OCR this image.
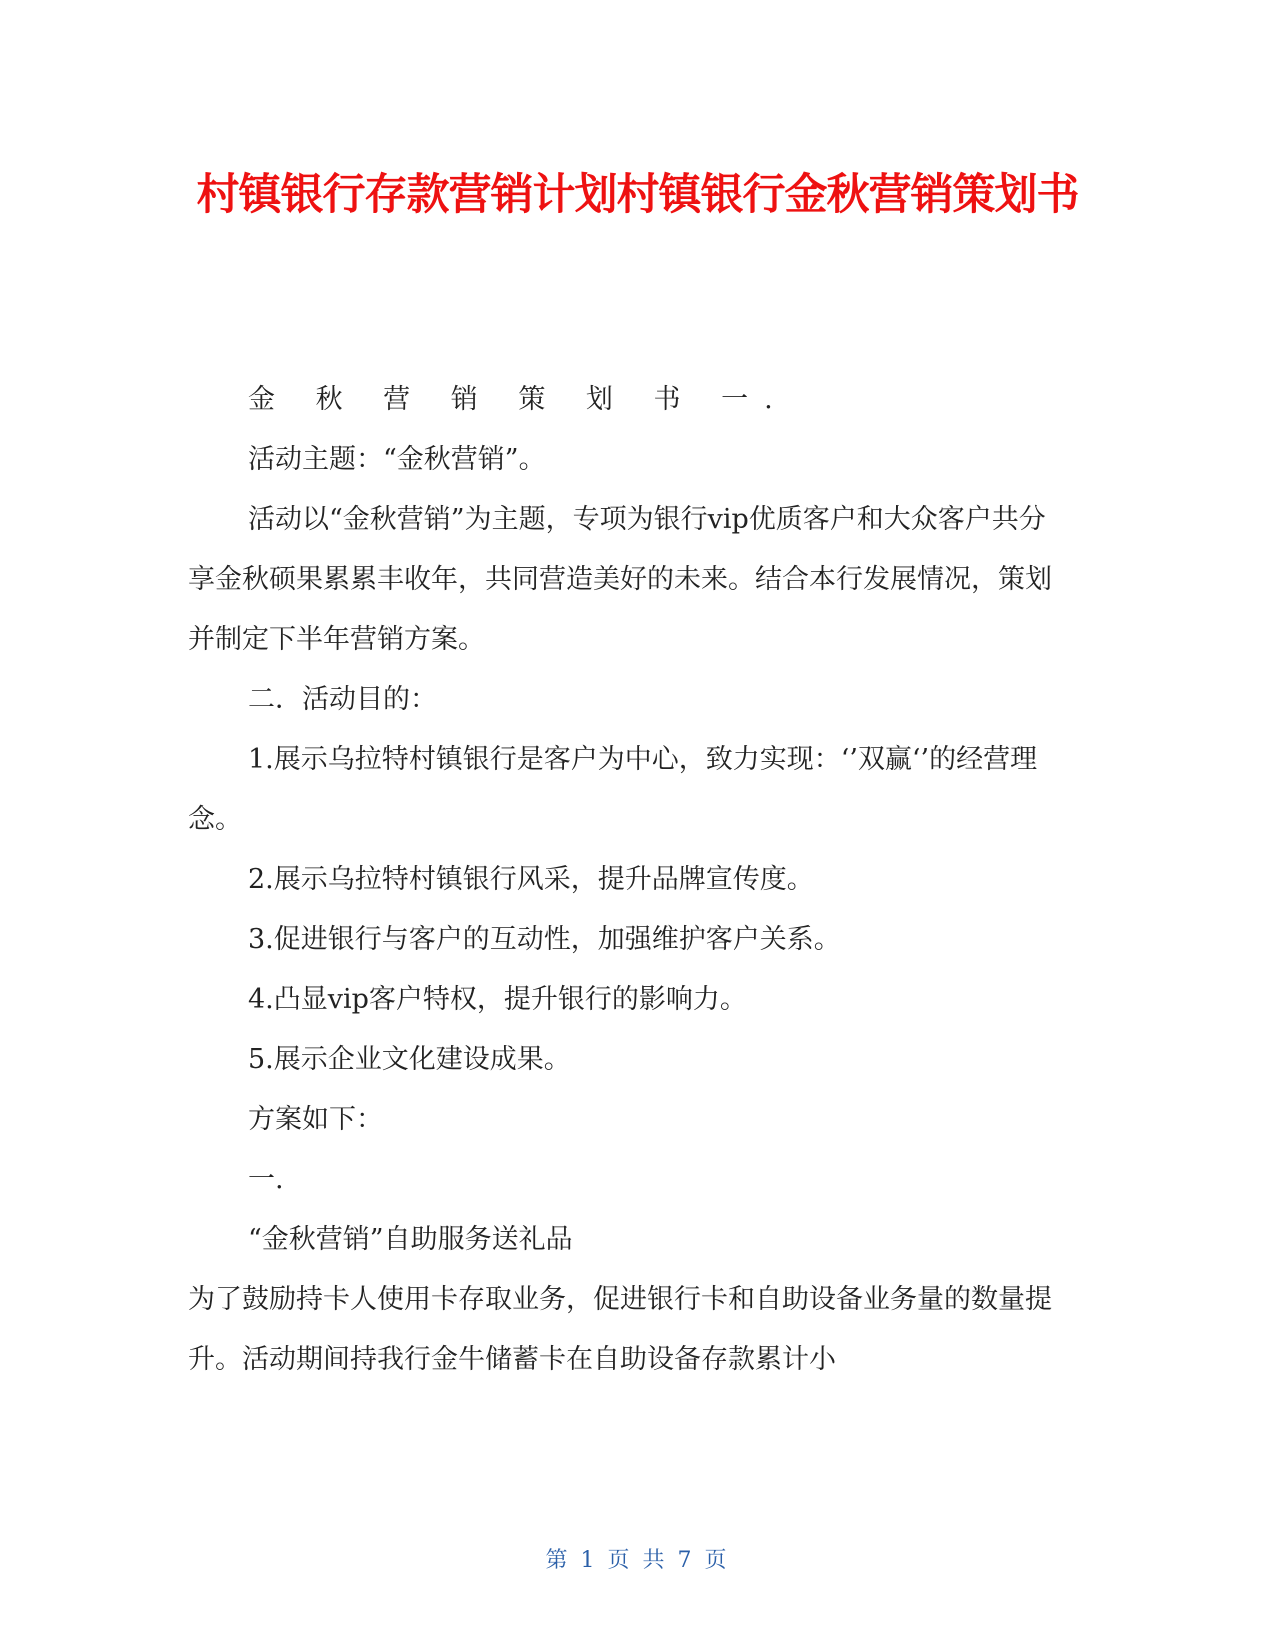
村镇银行存款营销计划村镇银行金秋营销策划书

金 秋 营 销 策 划 书 一.

活动主题：“金秋营销”。

活动以“金秋营销”为主题，专项为银行vip优质客户和大众客户共分享金秋硕果累累丰收年，共同营造美好的未来。结合本行发展情况，策划并制定下半年营销方案。

二．活动目的：

1.展示乌拉特村镇银行是客户为中心，致力实现：‘’双赢‘’的经营理念。

2.展示乌拉特村镇银行风采，提升品牌宣传度。

3.促进银行与客户的互动性，加强维护客户关系。

4.凸显vip客户特权，提升银行的影响力。

5.展示企业文化建设成果。

方案如下：

一.

“金秋营销”自助服务送礼品

为了鼓励持卡人使用卡存取业务，促进银行卡和自助设备业务量的数量提升。活动期间持我行金牛储蓄卡在自助设备存款累计小

第 1 页 共 7 页
